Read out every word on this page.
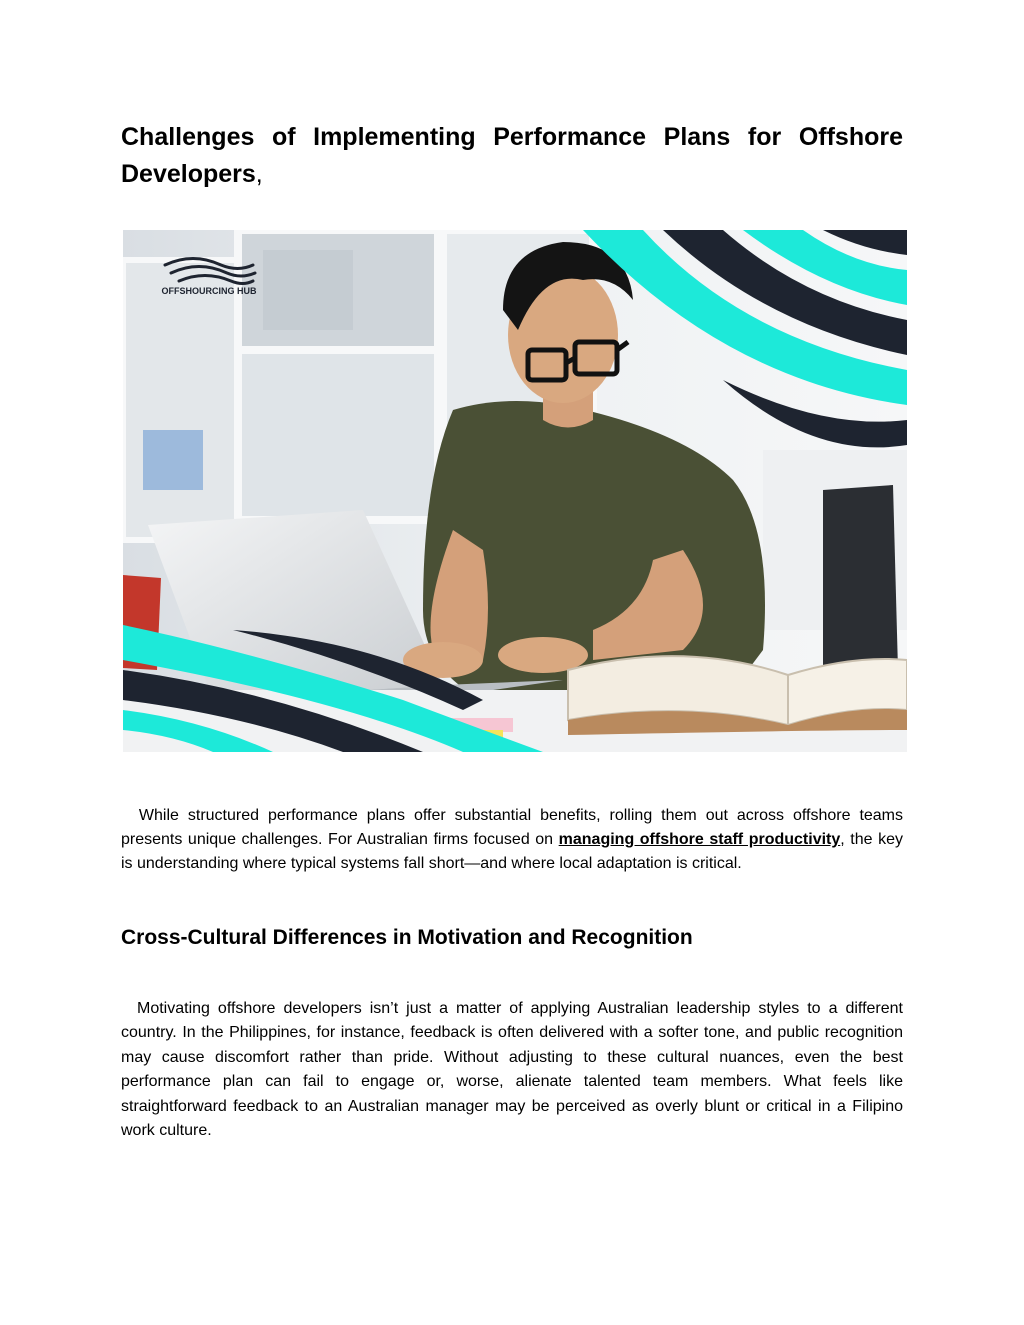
Challenges of Implementing Performance Plans for Offshore Developers,
OFFSHOURCING HUB

While structured performance plans offer substantial benefits, rolling them out across offshore teams presents unique challenges. For Australian firms focused on managing offshore staff productivity, the key is understanding where typical systems fall short—and where local adaptation is critical.

Cross-Cultural Differences in Motivation and Recognition

Motivating offshore developers isn’t just a matter of applying Australian leadership styles to a different country. In the Philippines, for instance, feedback is often delivered with a softer tone, and public recognition may cause discomfort rather than pride. Without adjusting to these cultural nuances, even the best performance plan can fail to engage or, worse, alienate talented team members. What feels like straightforward feedback to an Australian manager may be perceived as overly blunt or critical in a Filipino work culture.
